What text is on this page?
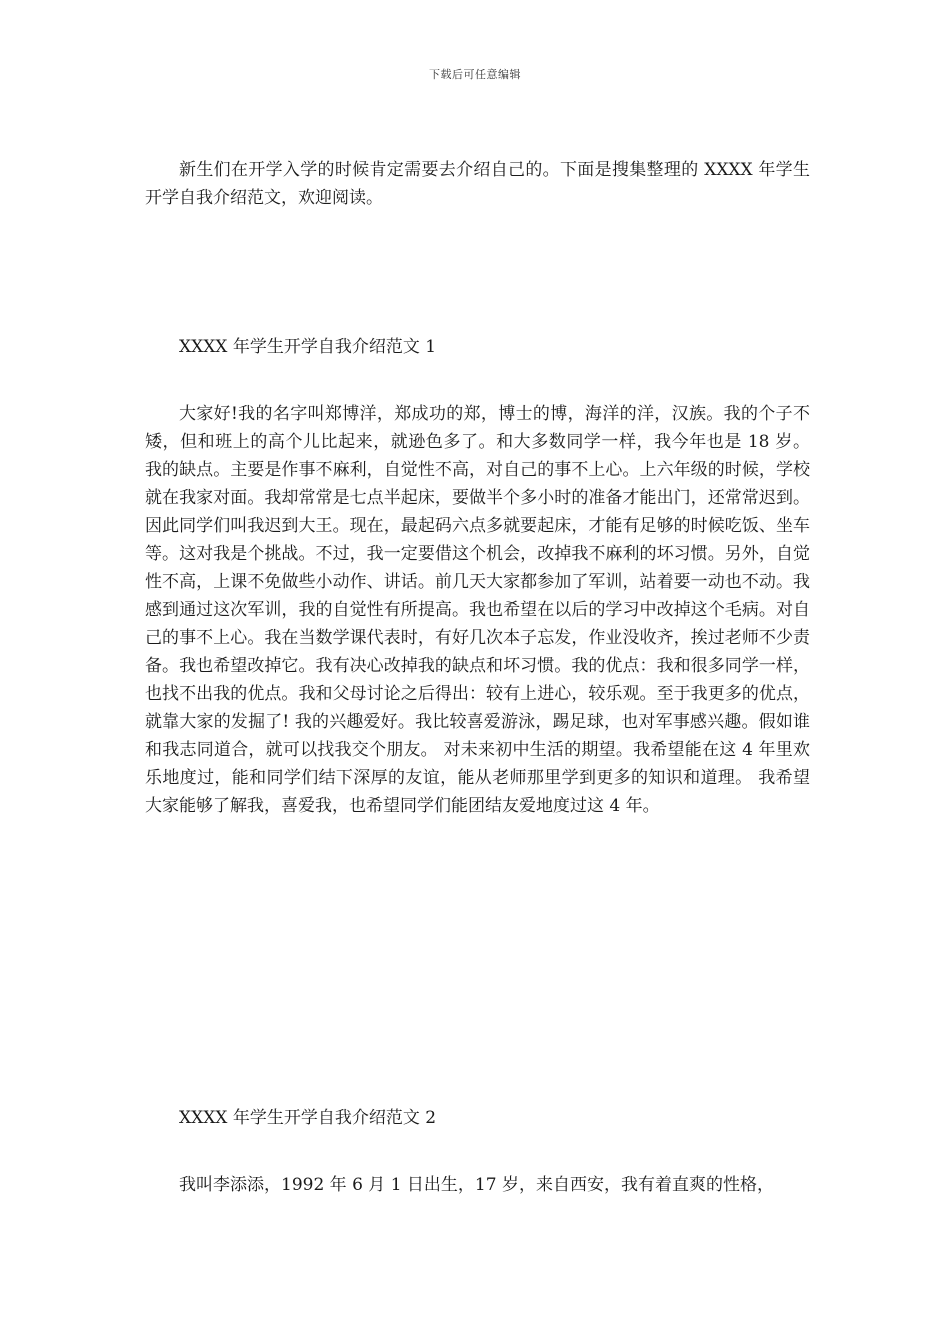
下载后可任意编辑

新生们在开学入学的时候肯定需要去介绍自己的。下面是搜集整理的 XXXX 年学生开学自我介绍范文，欢迎阅读。

XXXX 年学生开学自我介绍范文 1

大家好!我的名字叫郑博洋，郑成功的郑，博士的博，海洋的洋，汉族。我的个子不矮，但和班上的高个儿比起来，就逊色多了。和大多数同学一样，我今年也是 18 岁。 我的缺点。主要是作事不麻利，自觉性不高，对自己的事不上心。上六年级的时候，学校就在我家对面。我却常常是七点半起床，要做半个多小时的准备才能出门，还常常迟到。因此同学们叫我迟到大王。现在，最起码六点多就要起床，才能有足够的时候吃饭、坐车等。这对我是个挑战。不过，我一定要借这个机会，改掉我不麻利的坏习惯。另外，自觉性不高，上课不免做些小动作、讲话。前几天大家都参加了军训，站着要一动也不动。我感到通过这次军训，我的自觉性有所提高。我也希望在以后的学习中改掉这个毛病。对自己的事不上心。我在当数学课代表时，有好几次本子忘发，作业没收齐，挨过老师不少责备。我也希望改掉它。我有决心改掉我的缺点和坏习惯。我的优点：我和很多同学一样，也找不出我的优点。我和父母讨论之后得出：较有上进心，较乐观。至于我更多的优点，就靠大家的发掘了! 我的兴趣爱好。我比较喜爱游泳，踢足球，也对军事感兴趣。假如谁和我志同道合，就可以找我交个朋友。 对未来初中生活的期望。我希望能在这 4 年里欢乐地度过，能和同学们结下深厚的友谊，能从老师那里学到更多的知识和道理。 我希望大家能够了解我，喜爱我，也希望同学们能团结友爱地度过这 4 年。

XXXX 年学生开学自我介绍范文 2

我叫李添添，1992 年 6 月 1 日出生，17 岁，来自西安，我有着直爽的性格，
